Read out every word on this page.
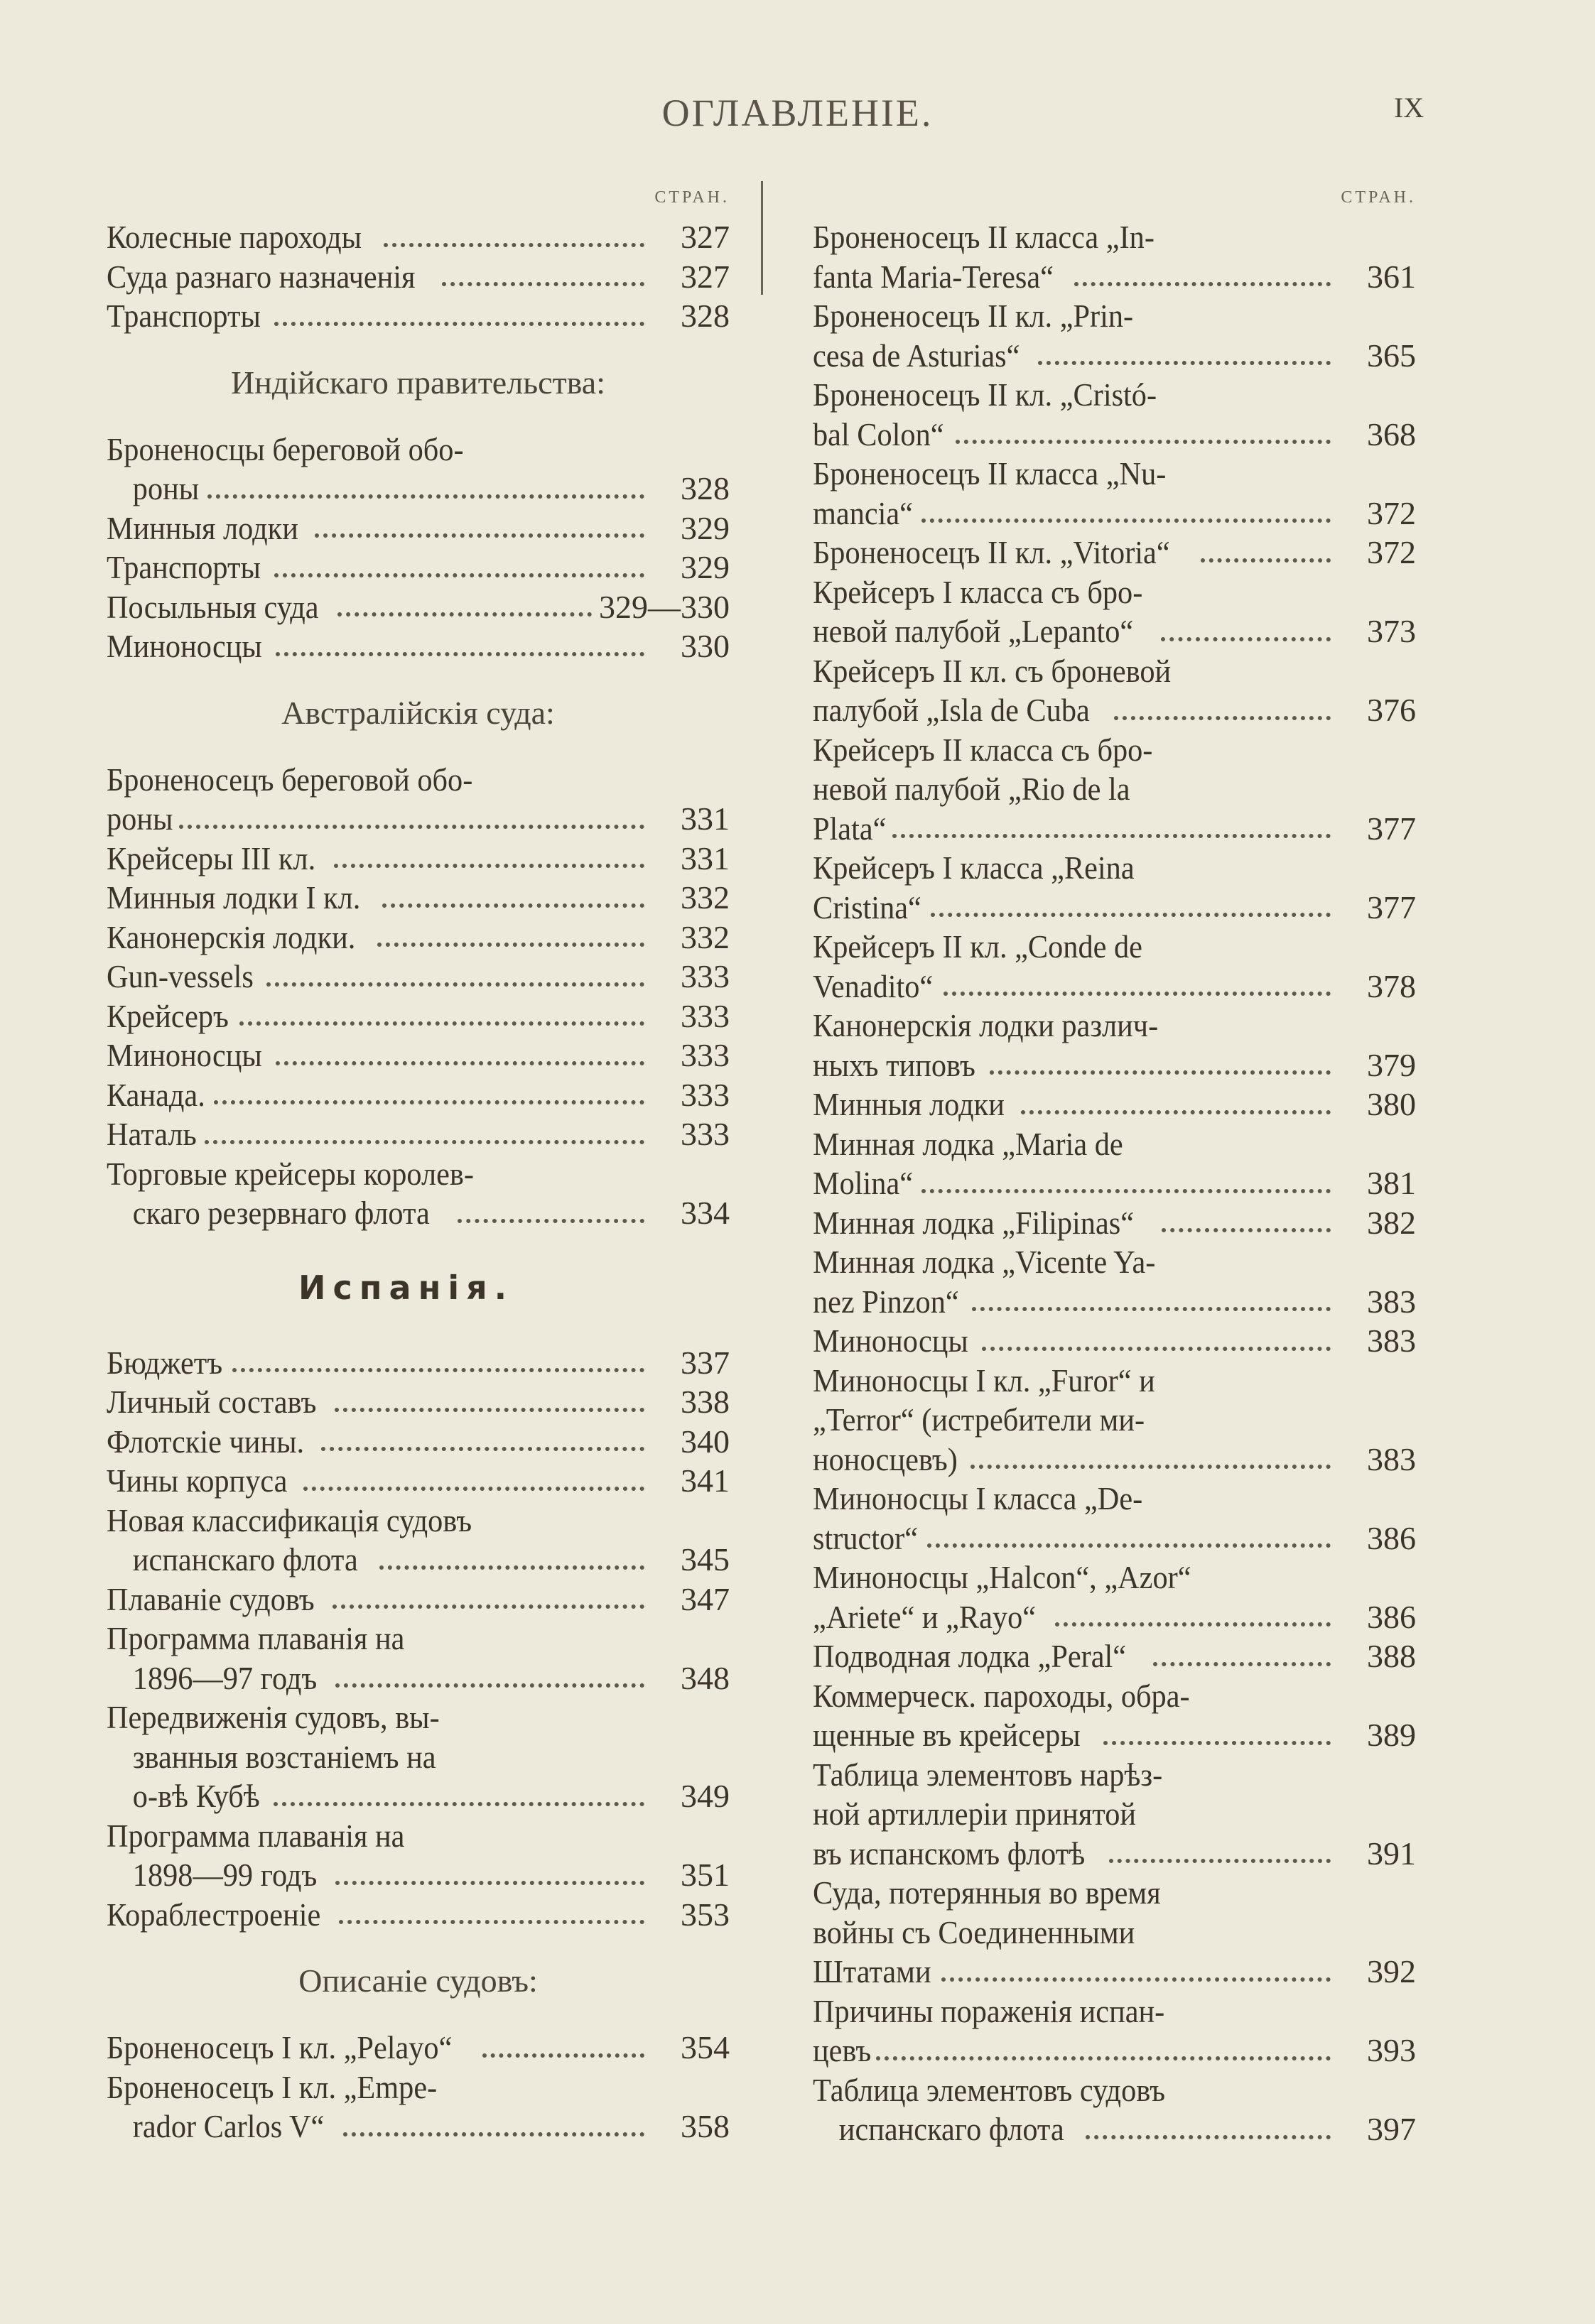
ОГЛАВЛЕНІЕ.	IX
СТРАН.
Колесные пароходы	327
Суда разнаго назначенія	327
Транспорты	328
Индійскаго правительства:
Броненосцы береговой обо-
роны	328
Минныя лодки	329
Транспорты	329
Посыльныя суда	329—330
Миноносцы	330
Австралійскія суда:
Броненосецъ береговой обо-
роны	331
Крейсеры III кл.	331
Минныя лодки I кл.	332
Канонерскія лодки.	332
Gun-vessels	333
Крейсеръ	333
Миноносцы	333
Канада.	333
Наталь	333
Торговые крейсеры королев-
скаго резервнаго флота	334
Испанія.
Бюджетъ	337
Личный составъ	338
Флотскіе чины.	340
Чины корпуса	341
Новая классификація судовъ
испанскаго флота	345
Плаваніе судовъ	347
Программа плаванія на
1896—97 годъ	348
Передвиженія судовъ, вы-
званныя возстаніемъ на
о-вѣ Кубѣ	349
Программа плаванія на
1898—99 годъ	351
Кораблестроеніе	353
Описаніе судовъ:
Броненосецъ I кл. „Pelayo“	354
Броненосецъ I кл. „Empe-
rador Carlos V“	358
СТРАН.
Броненосецъ II класса „In-
fanta Maria-Teresa“	361
Броненосецъ II кл. „Prin-
cesa de Asturias“	365
Броненосецъ II кл. „Cristó-
bal Colon“	368
Броненосецъ II класса „Nu-
mancia“	372
Броненосецъ II кл. „Vitoria“	372
Крейсеръ I класса съ бро-
невой палубой „Lepanto“	373
Крейсеръ II кл. съ броневой
палубой „Isla de Cuba	376
Крейсеръ II класса съ бро-
невой палубой „Rio de la
Plata“	377
Крейсеръ I класса „Reina
Cristina“	377
Крейсеръ II кл. „Conde de
Venadito“	378
Канонерскія лодки различ-
ныхъ типовъ	379
Минныя лодки	380
Минная лодка „Maria de
Molina“	381
Минная лодка „Filipinas“	382
Минная лодка „Vicente Ya-
nez Pinzon“	383
Миноносцы	383
Миноносцы I кл. „Furor“ и
„Terror“ (истребители ми-
ноносцевъ)	383
Миноносцы I класса „De-
structor“	386
Миноносцы „Halcon“, „Azor“
„Ariete“ и „Rayo“	386
Подводная лодка „Peral“	388
Коммерческ. пароходы, обра-
щенные въ крейсеры	389
Таблица элементовъ нарѣз-
ной артиллеріи принятой
въ испанскомъ флотѣ	391
Суда, потерянныя во время
войны съ Соединенными
Штатами	392
Причины пораженія испан-
цевъ	393
Таблица элементовъ судовъ
испанскаго флота	397
